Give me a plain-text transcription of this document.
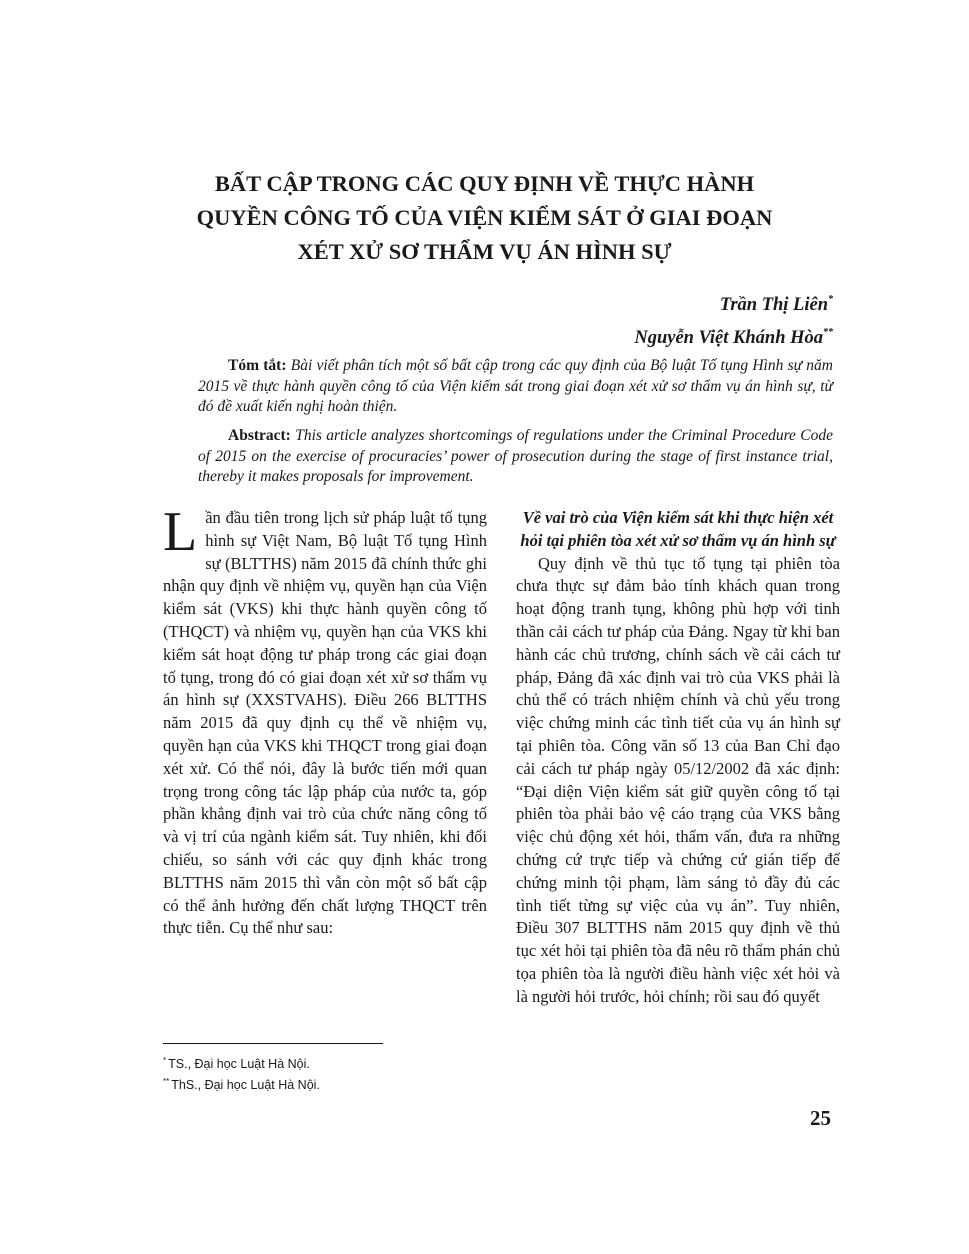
BẤT CẬP TRONG CÁC QUY ĐỊNH VỀ THỰC HÀNH
QUYỀN CÔNG TỐ CỦA VIỆN KIỂM SÁT Ở GIAI ĐOẠN
XÉT XỬ SƠ THẨM VỤ ÁN HÌNH SỰ
Trần Thị Liên*
Nguyễn Việt Khánh Hòa**
Tóm tắt: Bài viết phân tích một số bất cập trong các quy định của Bộ luật Tố tụng Hình sự năm 2015 về thực hành quyền công tố của Viện kiểm sát trong giai đoạn xét xử sơ thẩm vụ án hình sự, từ đó đề xuất kiến nghị hoàn thiện.
Abstract: This article analyzes shortcomings of regulations under the Criminal Procedure Code of 2015 on the exercise of procuracies’ power of prosecution during the stage of first instance trial, thereby it makes proposals for improvement.
L ần đầu tiên trong lịch sử pháp luật tố tụng hình sự Việt Nam, Bộ luật Tố tụng Hình sự (BLTTHS) năm 2015 đã chính thức ghi nhận quy định về nhiệm vụ, quyền hạn của Viện kiểm sát (VKS) khi thực hành quyền công tố (THQCT) và nhiệm vụ, quyền hạn của VKS khi kiểm sát hoạt động tư pháp trong các giai đoạn tố tụng, trong đó có giai đoạn xét xử sơ thẩm vụ án hình sự (XXSTVAHS). Điều 266 BLTTHS năm 2015 đã quy định cụ thể về nhiệm vụ, quyền hạn của VKS khi THQCT trong giai đoạn xét xử. Có thể nói, đây là bước tiến mới quan trọng trong công tác lập pháp của nước ta, góp phần khẳng định vai trò của chức năng công tố và vị trí của ngành kiểm sát. Tuy nhiên, khi đối chiếu, so sánh với các quy định khác trong BLTTHS năm 2015 thì vẫn còn một số bất cập có thể ảnh hưởng đến chất lượng THQCT trên thực tiễn. Cụ thể như sau:

Về vai trò của Viện kiểm sát khi thực hiện xét hỏi tại phiên tòa xét xử sơ thẩm vụ án hình sự

Quy định về thủ tục tố tụng tại phiên tòa chưa thực sự đảm bảo tính khách quan trong hoạt động tranh tụng, không phù hợp với tinh thần cải cách tư pháp của Đảng. Ngay từ khi ban hành các chủ trương, chính sách về cải cách tư pháp, Đảng đã xác định vai trò của VKS phải là chủ thể có trách nhiệm chính và chủ yếu trong việc chứng minh các tình tiết của vụ án hình sự tại phiên tòa. Công văn số 13 của Ban Chỉ đạo cải cách tư pháp ngày 05/12/2002 đã xác định: “Đại diện Viện kiểm sát giữ quyền công tố tại phiên tòa phải bảo vệ cáo trạng của VKS bằng việc chủ động xét hỏi, thẩm vấn, đưa ra những chứng cứ trực tiếp và chứng cứ gián tiếp để chứng minh tội phạm, làm sáng tỏ đầy đủ các tình tiết từng sự việc của vụ án”. Tuy nhiên, Điều 307 BLTTHS năm 2015 quy định về thủ tục xét hỏi tại phiên tòa đã nêu rõ thẩm phán chủ tọa phiên tòa là người điều hành việc xét hỏi và là người hỏi trước, hỏi chính; rồi sau đó quyết

* TS., Đại học Luật Hà Nội.
** ThS., Đại học Luật Hà Nội.
25
